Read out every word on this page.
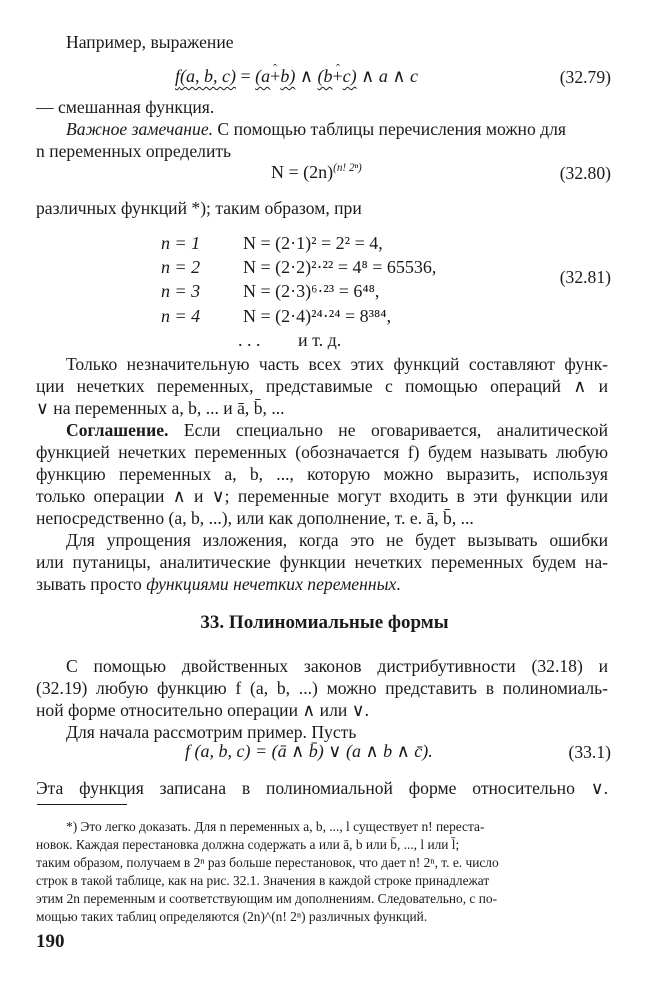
Например, выражение
f(a, b, c) = (a+b) ∧ (b+c) ∧ a ∧ c	(32.79)
— смешанная функция.
Важное замечание. С помощью таблицы перечисления можно для
n переменных определить
$N = (2n)^{(n! 2^n)}$	(32.80)
различных функций *); таким образом, при
n = 1 N = (2·1)² = 2² = 4,
n = 2 N = (2·2)²·²² = 4⁸ = 65536,
n = 3 N = (2·3)⁶·²³ = 6⁴⁸,
n = 4 N = (2·4)²⁴·²⁴ = 8³⁸⁴,
. . . и т. д.
(32.81)
Только незначительную часть всех этих функций составляют функ-
ции нечетких переменных, представимые с помощью операций ∧ и
∨ на переменных a, b, ... и ā, b̄, ...
Соглашение. Если специально не оговаривается, аналитической
функцией нечетких переменных (обозначается f) будем называть любую
функцию переменных a, b, ..., которую можно выразить, используя
только операции ∧ и ∨; переменные могут входить в эти функции или
непосредственно (a, b, ...), или как дополнение, т. е. ā, b̄, ...
Для упрощения изложения, когда это не будет вызывать ошибки
или путаницы, аналитические функции нечетких переменных будем на-
зывать просто функциями нечетких переменных.
33. Полиномиальные формы
С помощью двойственных законов дистрибутивности (32.18) и
(32.19) любую функцию f (a, b, ...) можно представить в полиномиаль-
ной форме относительно операции ∧ или ∨.
Для начала рассмотрим пример. Пусть
f (a, b, c) = (ā ∧ b̄) ∨ (a ∧ b ∧ c̄).	(33.1)
Эта функция записана в полиномиальной форме относительно ∨.
*) Это легко доказать. Для n переменных a, b, ..., l существует n! переста-
новок. Каждая перестановка должна содержать a или ā, b или b̄, ..., l или l̄;
таким образом, получаем в 2ⁿ раз больше перестановок, что дает n! 2ⁿ, т. е. число
строк в такой таблице, как на рис. 32.1. Значения в каждой строке принадлежат
этим 2n переменным и соответствующим им дополнениям. Следовательно, с по-
мощью таких таблиц определяются (2n)^(n! 2ⁿ) различных функций.
190
